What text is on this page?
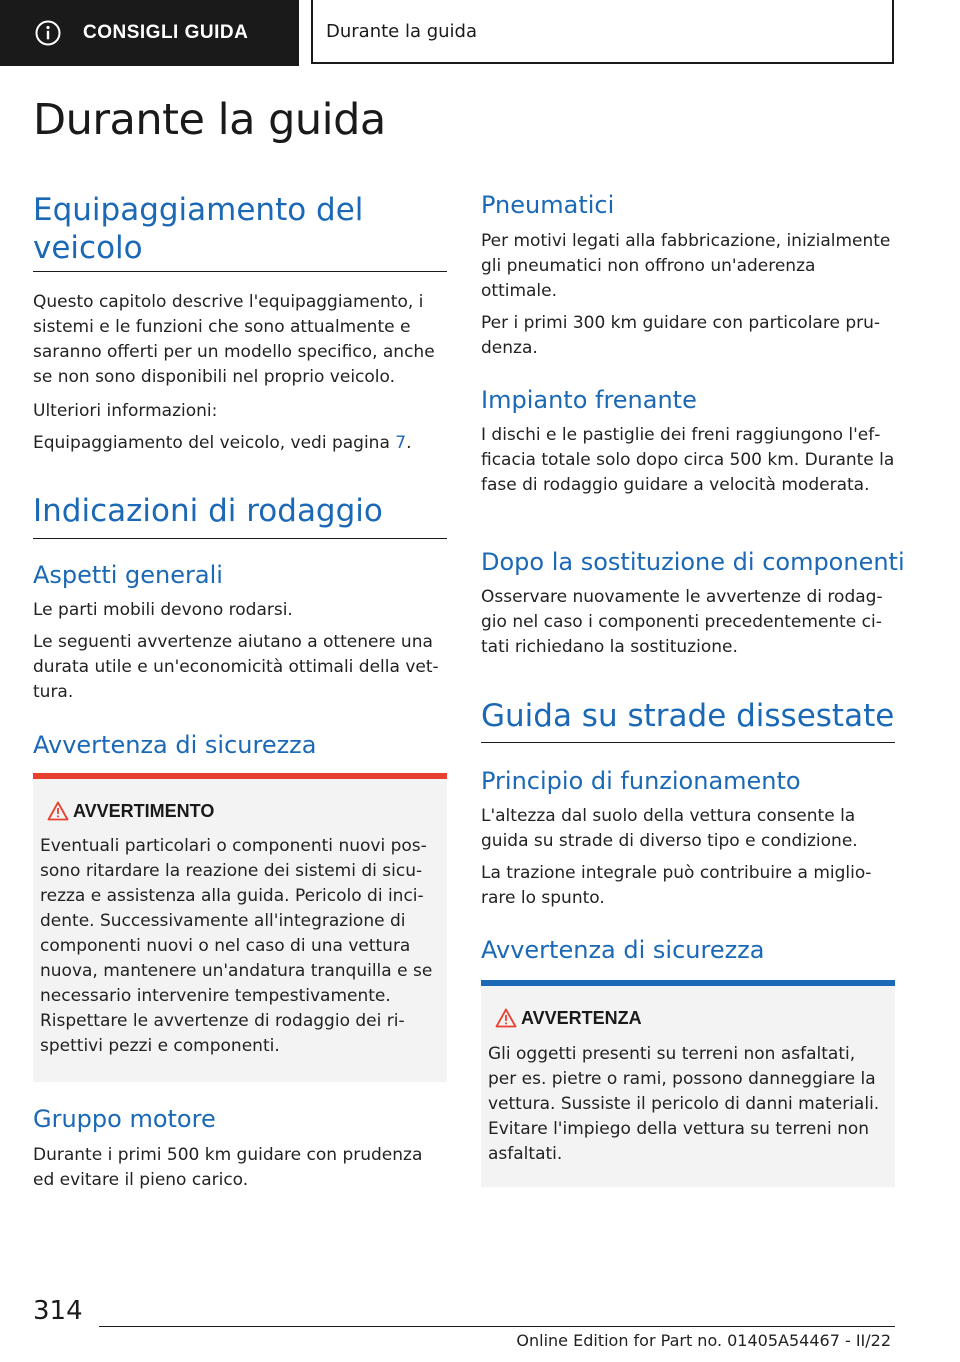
CONSIGLI GUIDA	Durante la guida
Durante la guida
Equipaggiamento del veicolo

Questo capitolo descrive l'equipaggiamento, i sistemi e le funzioni che sono attualmente e saranno offerti per un modello specifico, anche se non sono disponibili nel proprio veicolo.

Ulteriori informazioni:

Equipaggiamento del veicolo, vedi pagina 7.

Indicazioni di rodaggio
Aspetti generali

Le parti mobili devono rodarsi.

Le seguenti avvertenze aiutano a ottenere una durata utile e un'economicità ottimali della vettura.

Avvertenza di sicurezza
AVVERTIMENTO

Eventuali particolari o componenti nuovi possono ritardare la reazione dei sistemi di sicurezza e assistenza alla guida. Pericolo di incidente. Successivamente all'integrazione di componenti nuovi o nel caso di una vettura nuova, mantenere un'andatura tranquilla e se necessario intervenire tempestivamente. Rispettare le avvertenze di rodaggio dei rispettivi pezzi e componenti.

Gruppo motore

Durante i primi 500 km guidare con prudenza ed evitare il pieno carico.

Pneumatici

Per motivi legati alla fabbricazione, inizialmente gli pneumatici non offrono un'aderenza ottimale.

Per i primi 300 km guidare con particolare prudenza.

Impianto frenante

I dischi e le pastiglie dei freni raggiungono l'efficacia totale solo dopo circa 500 km. Durante la fase di rodaggio guidare a velocità moderata.

Dopo la sostituzione di componenti

Osservare nuovamente le avvertenze di rodaggio nel caso i componenti precedentemente citati richiedano la sostituzione.

Guida su strade dissestate
Principio di funzionamento

L'altezza dal suolo della vettura consente la guida su strade di diverso tipo e condizione.

La trazione integrale può contribuire a migliorare lo spunto.

Avvertenza di sicurezza
AVVERTENZA

Gli oggetti presenti su terreni non asfaltati, per es. pietre o rami, possono danneggiare la vettura. Sussiste il pericolo di danni materiali. Evitare l'impiego della vettura su terreni non asfaltati.

314
Online Edition for Part no. 01405A54467 - II/22
